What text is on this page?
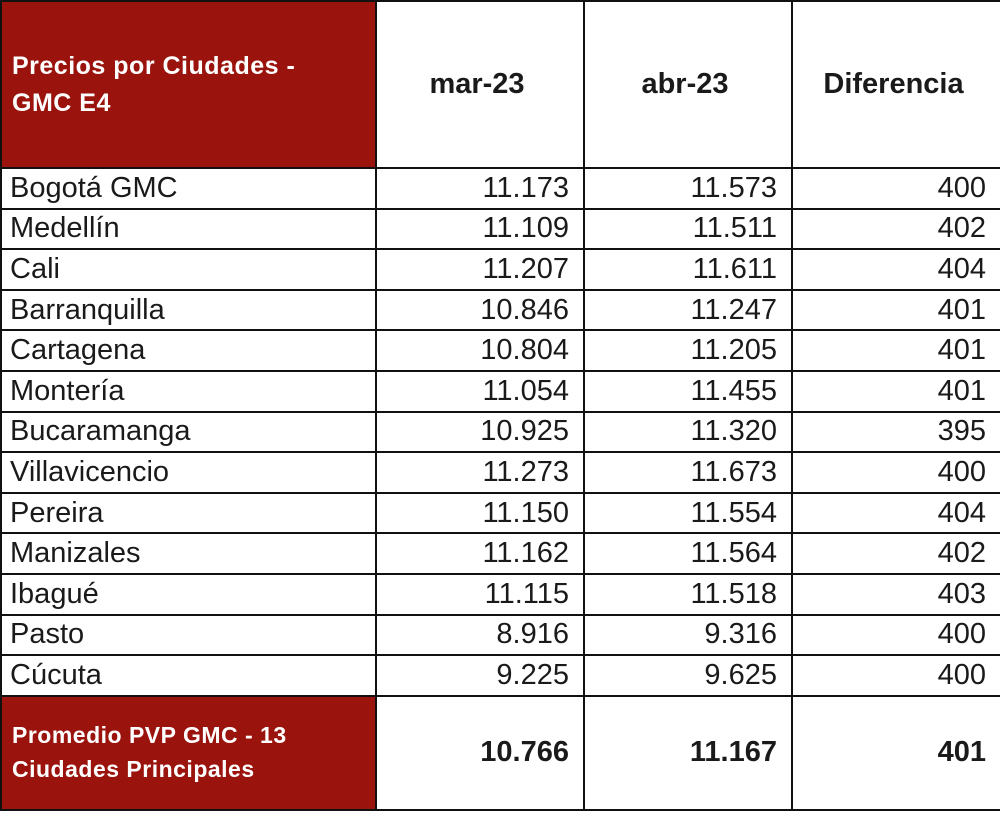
Precios por Ciudades - GMC E4	mar-23	abr-23	Diferencia
Bogotá GMC	11.173	11.573	400
Medellín	11.109	11.511	402
Cali	11.207	11.611	404
Barranquilla	10.846	11.247	401
Cartagena	10.804	11.205	401
Montería	11.054	11.455	401
Bucaramanga	10.925	11.320	395
Villavicencio	11.273	11.673	400
Pereira	11.150	11.554	404
Manizales	11.162	11.564	402
Ibagué	11.115	11.518	403
Pasto	8.916	9.316	400
Cúcuta	9.225	9.625	400
Promedio PVP GMC - 13 Ciudades Principales	10.766	11.167	401
